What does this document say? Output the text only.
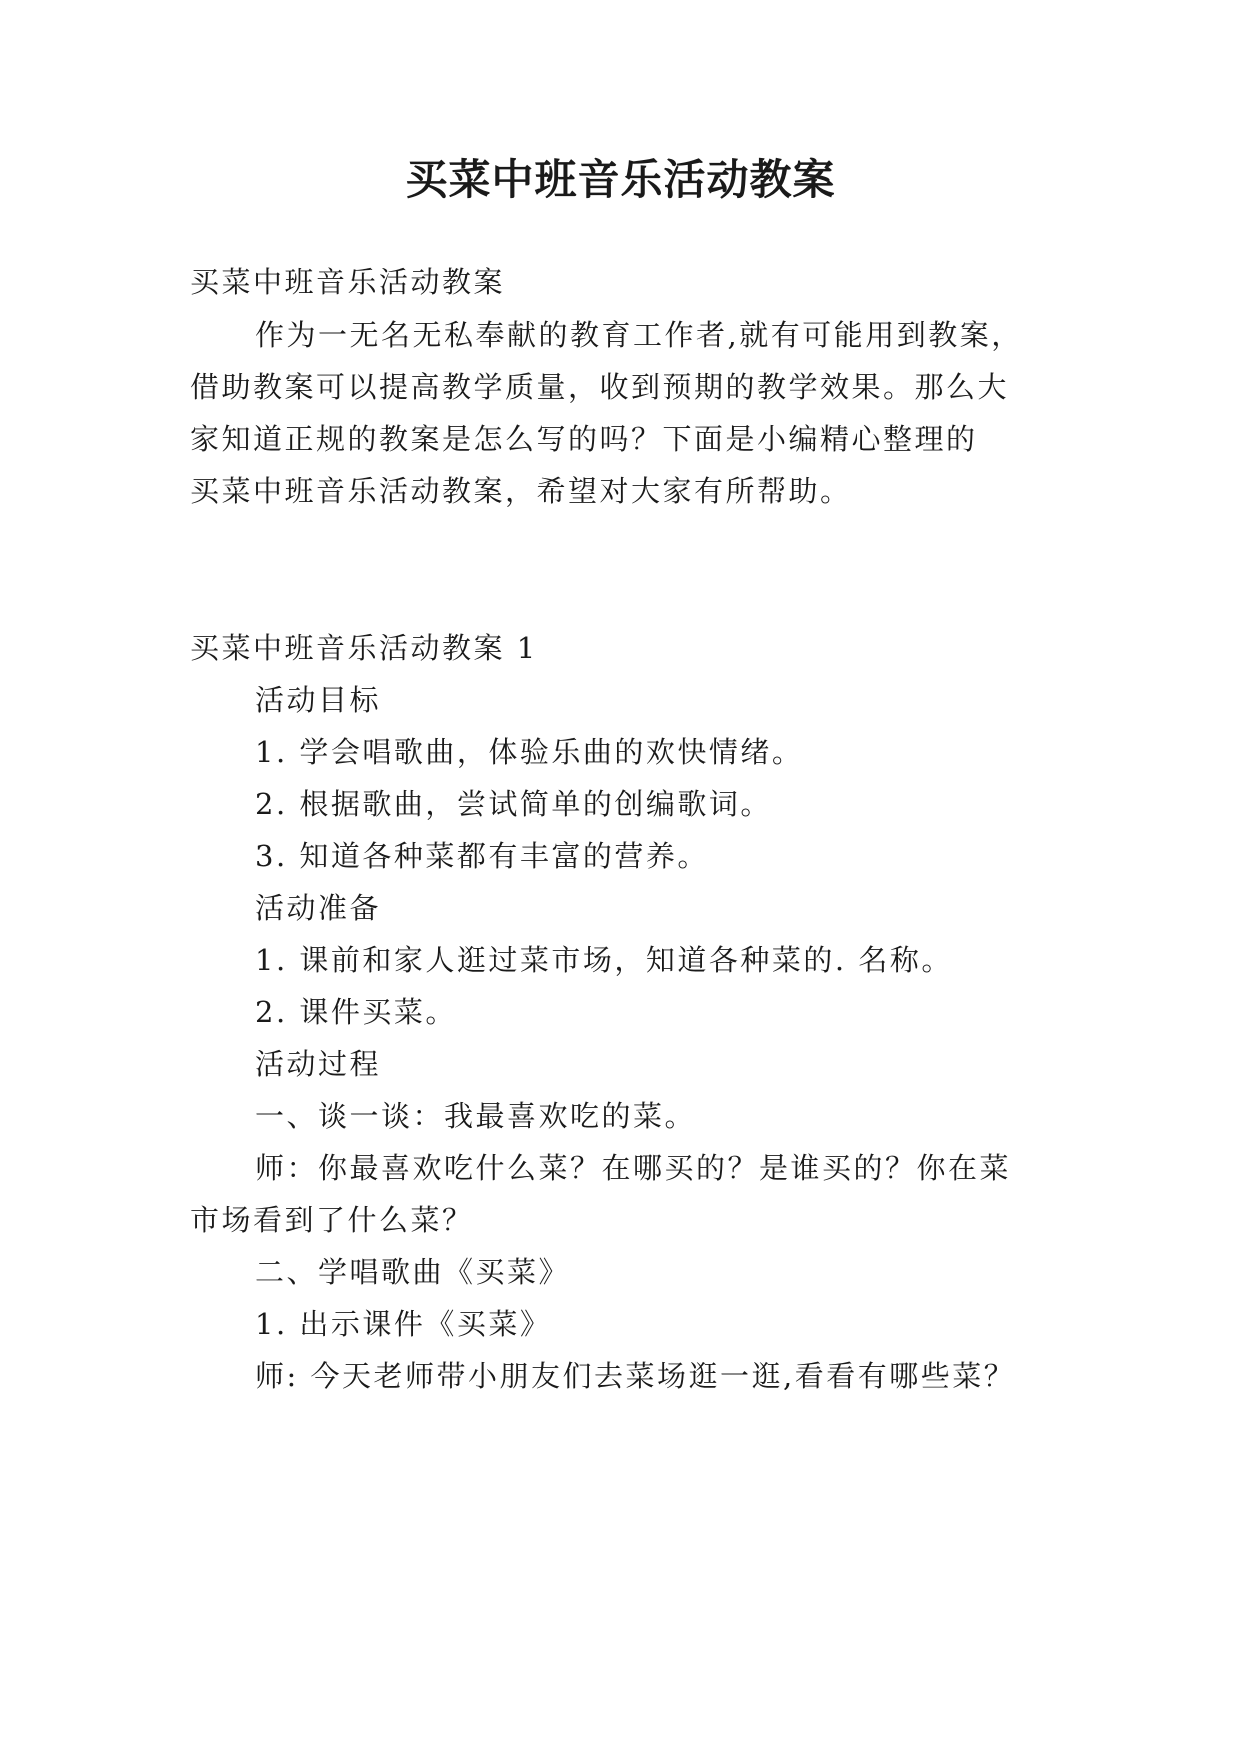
买菜中班音乐活动教案
买菜中班音乐活动教案
作为一无名无私奉献的教育工作者,就有可能用到教案，
借助教案可以提高教学质量，收到预期的教学效果。那么大
家知道正规的教案是怎么写的吗？下面是小编精心整理的
买菜中班音乐活动教案，希望对大家有所帮助。
买菜中班音乐活动教案 1
活动目标
1. 学会唱歌曲，体验乐曲的欢快情绪。
2. 根据歌曲，尝试简单的创编歌词。
3. 知道各种菜都有丰富的营养。
活动准备
1. 课前和家人逛过菜市场，知道各种菜的. 名称。
2. 课件买菜。
活动过程
一、谈一谈：我最喜欢吃的菜。
师：你最喜欢吃什么菜？在哪买的？是谁买的？你在菜
市场看到了什么菜？
二、学唱歌曲《买菜》
1. 出示课件《买菜》
师: 今天老师带小朋友们去菜场逛一逛,看看有哪些菜？
